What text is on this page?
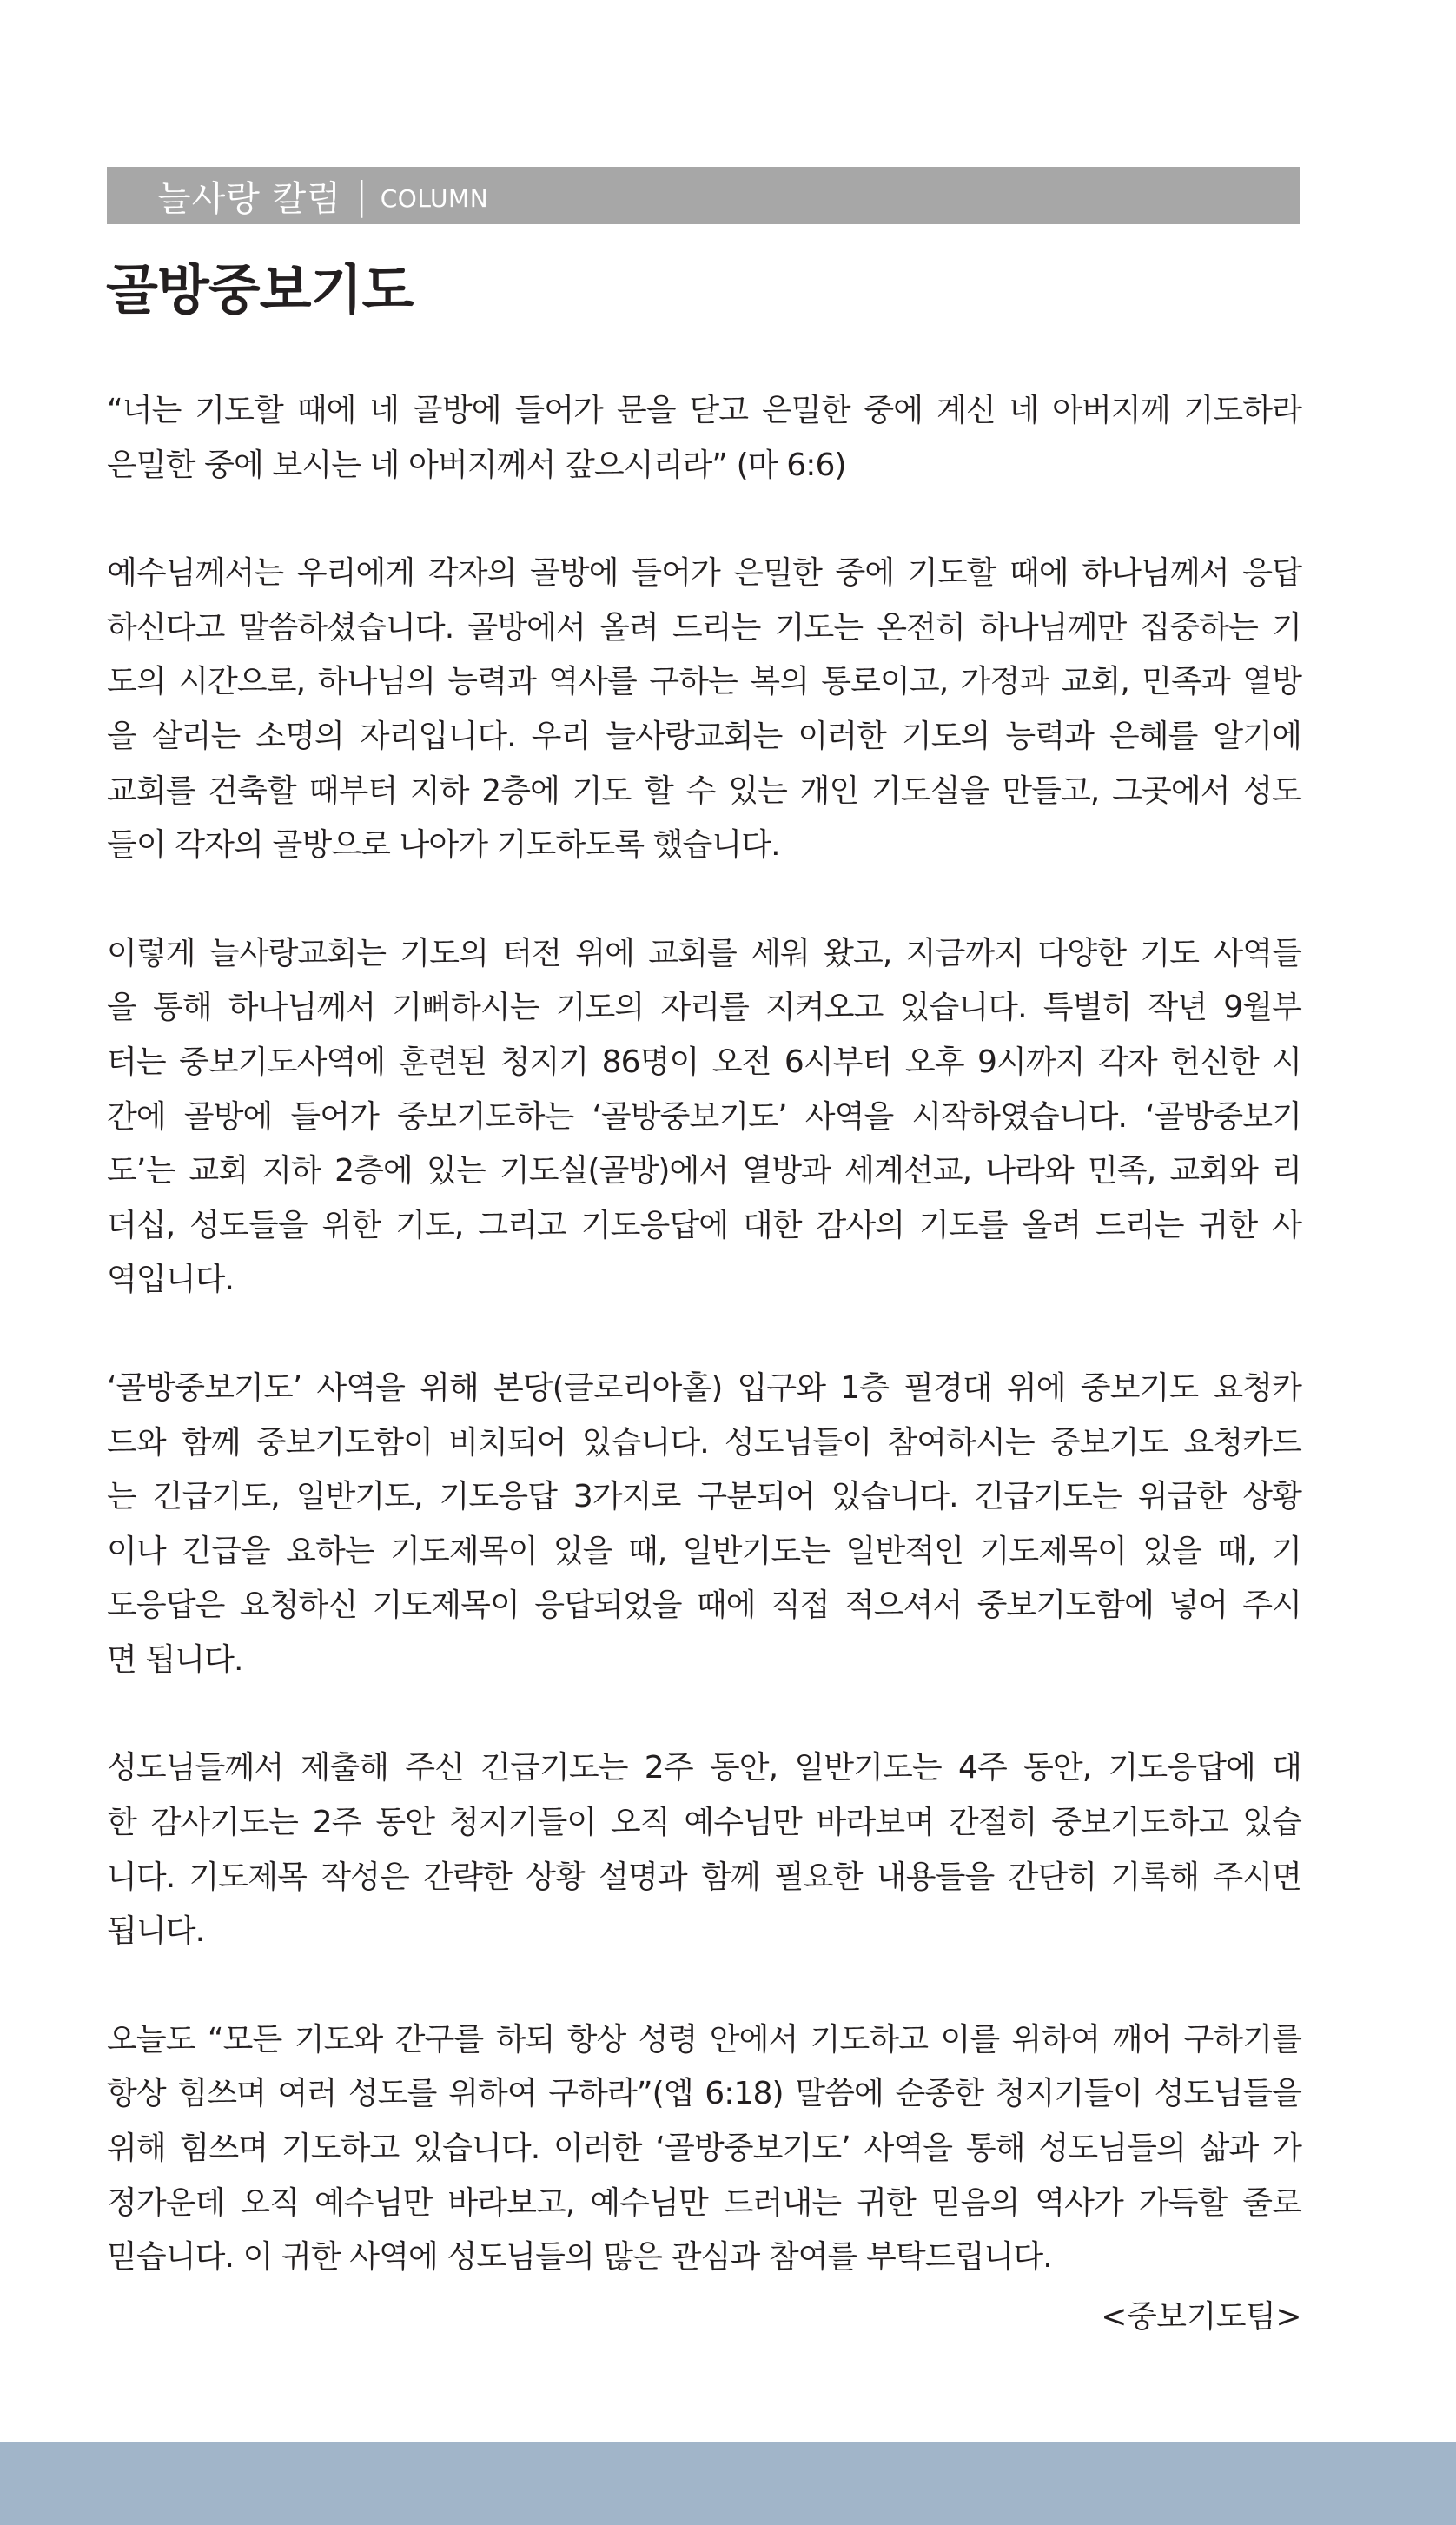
늘사랑 칼럼 | COLUMN
골방중보기도
“너는 기도할 때에 네 골방에 들어가 문을 닫고 은밀한 중에 계신 네 아버지께 기도하라
은밀한 중에 보시는 네 아버지께서 갚으시리라” (마 6:6)
예수님께서는 우리에게 각자의 골방에 들어가 은밀한 중에 기도할 때에 하나님께서 응답
하신다고 말씀하셨습니다. 골방에서 올려 드리는 기도는 온전히 하나님께만 집중하는 기
도의 시간으로, 하나님의 능력과 역사를 구하는 복의 통로이고, 가정과 교회, 민족과 열방
을 살리는 소명의 자리입니다. 우리 늘사랑교회는 이러한 기도의 능력과 은혜를 알기에
교회를 건축할 때부터 지하 2층에 기도 할 수 있는 개인 기도실을 만들고, 그곳에서 성도
들이 각자의 골방으로 나아가 기도하도록 했습니다.
이렇게 늘사랑교회는 기도의 터전 위에 교회를 세워 왔고, 지금까지 다양한 기도 사역들
을 통해 하나님께서 기뻐하시는 기도의 자리를 지켜오고 있습니다. 특별히 작년 9월부
터는 중보기도사역에 훈련된 청지기 86명이 오전 6시부터 오후 9시까지 각자 헌신한 시
간에 골방에 들어가 중보기도하는 ‘골방중보기도’ 사역을 시작하였습니다. ‘골방중보기
도’는 교회 지하 2층에 있는 기도실(골방)에서 열방과 세계선교, 나라와 민족, 교회와 리
더십, 성도들을 위한 기도, 그리고 기도응답에 대한 감사의 기도를 올려 드리는 귀한 사
역입니다.
‘골방중보기도’ 사역을 위해 본당(글로리아홀) 입구와 1층 필경대 위에 중보기도 요청카
드와 함께 중보기도함이 비치되어 있습니다. 성도님들이 참여하시는 중보기도 요청카드
는 긴급기도, 일반기도, 기도응답 3가지로 구분되어 있습니다. 긴급기도는 위급한 상황
이나 긴급을 요하는 기도제목이 있을 때, 일반기도는 일반적인 기도제목이 있을 때, 기
도응답은 요청하신 기도제목이 응답되었을 때에 직접 적으셔서 중보기도함에 넣어 주시
면 됩니다.
성도님들께서 제출해 주신 긴급기도는 2주 동안, 일반기도는 4주 동안, 기도응답에 대
한 감사기도는 2주 동안 청지기들이 오직 예수님만 바라보며 간절히 중보기도하고 있습
니다. 기도제목 작성은 간략한 상황 설명과 함께 필요한 내용들을 간단히 기록해 주시면
됩니다.
오늘도 “모든 기도와 간구를 하되 항상 성령 안에서 기도하고 이를 위하여 깨어 구하기를
항상 힘쓰며 여러 성도를 위하여 구하라”(엡 6:18) 말씀에 순종한 청지기들이 성도님들을
위해 힘쓰며 기도하고 있습니다. 이러한 ‘골방중보기도’ 사역을 통해 성도님들의 삶과 가
정가운데 오직 예수님만 바라보고, 예수님만 드러내는 귀한 믿음의 역사가 가득할 줄로
믿습니다. 이 귀한 사역에 성도님들의 많은 관심과 참여를 부탁드립니다.
<중보기도팀>
